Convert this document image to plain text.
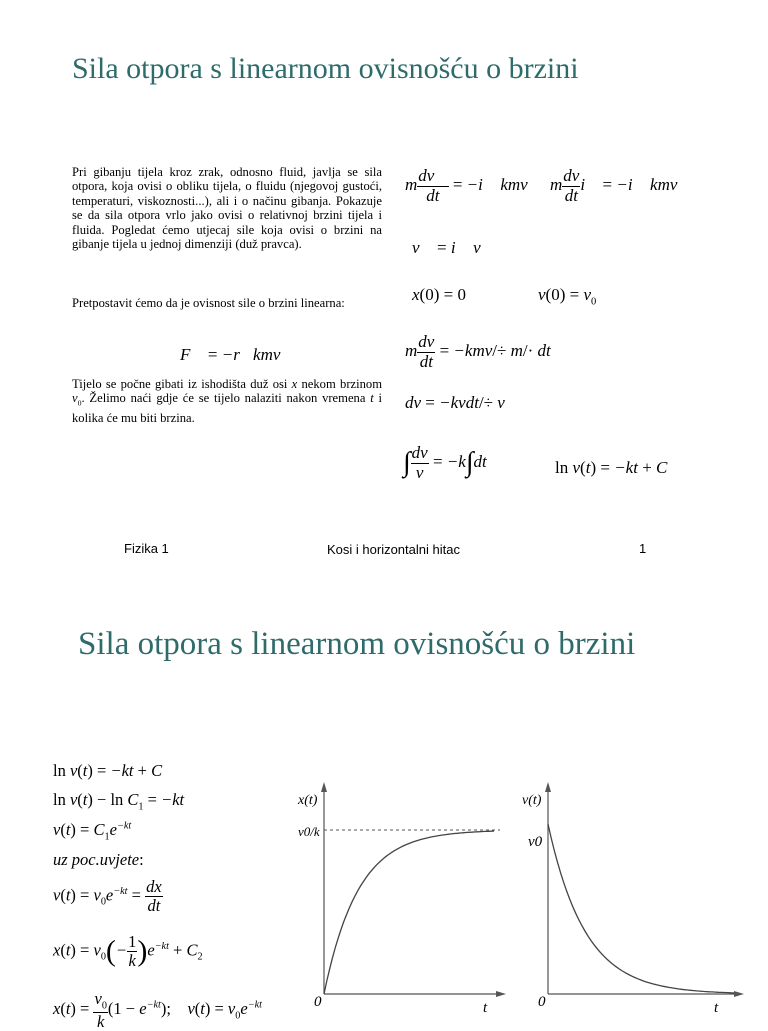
Sila otpora s linearnom ovisnošću o brzini
Pri gibanju tijela kroz zrak, odnosno fluid, javlja se sila otpora, koja ovisi o obliku tijela, o fluidu (njegovoj gustoći, temperaturi, viskoznosti...), ali i o načinu gibanja. Pokazuje se da sila otpora vrlo jako ovisi o relativnoj brzini tijela i fluida. Pogledat ćemo utjecaj sile koja ovisi o brzini na gibanje tijela u jednoj dimenziji (duž pravca).
Pretpostavit ćemo da je ovisnost sile o brzini linearna:
F⃗ = −r⃗kmv
Tijelo se počne gibati iz ishodišta duž osi x nekom brzinom $v_0$. Želimo naći gdje će se tijelo nalaziti nakon vremena t i kolika će mu biti brzina.
m $\frac{dv⃗}{dt}$ = −i⃗ kmv m $\frac{dv}{dt}$ i⃗ = −i⃗ kmv
v⃗ = i⃗ v
x(0) = 0	$v(0) = v_0$
m $\frac{dv}{dt} = -kmv/\div m/\cdot$ dt
dv = −kvdt/÷ v
∫ $\frac{dv}{v} = -k\int dt$	ln v(t) = −kt + C
Fizika 1	Kosi i horizontalni hitac	1
Sila otpora s linearnom ovisnošću o brzini
ln v(t) = −kt + C
$\ln v(t) - \ln C_1 = -kt$
$v(t) = C_1e^{-kt}$
uz poc.uvjete:
$v(t) = v_0e^{-kt} = \frac{dx}{dt}$
$x(t) = v_0(- \frac{1}{k} )e^{-kt} + C_2$
$x(t) = \frac{v_0}{k} (1 - e^{-kt})$;    $v(t) = v_0e^{-kt}$
x(t)
v0/k
0	t
v(t)
v0
0	t
